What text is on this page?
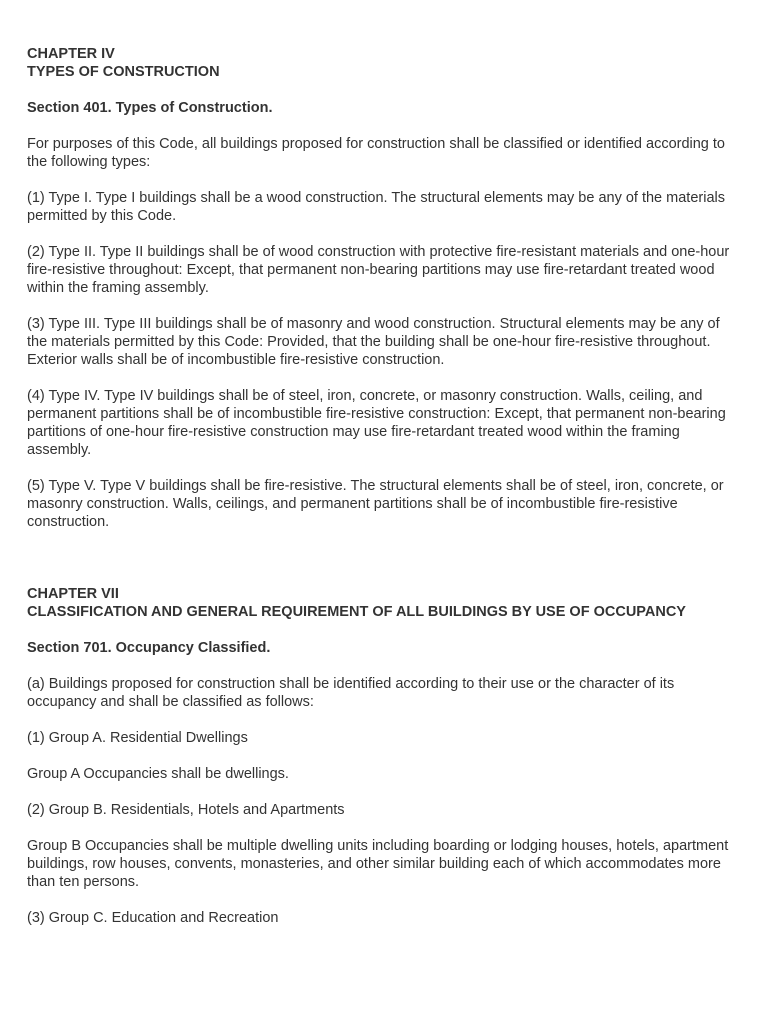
CHAPTER IV

TYPES OF CONSTRUCTION

Section 401. Types of Construction.

For purposes of this Code, all buildings proposed for construction shall be classified or identified according to the following types:

(1) Type I. Type I buildings shall be a wood construction. The structural elements may be any of the materials permitted by this Code.

(2) Type II. Type II buildings shall be of wood construction with protective fire-resistant materials and one-hour fire-resistive throughout: Except, that permanent non-bearing partitions may use fire-retardant treated wood within the framing assembly.

(3) Type III. Type III buildings shall be of masonry and wood construction. Structural elements may be any of the materials permitted by this Code: Provided, that the building shall be one-hour fire-resistive throughout. Exterior walls shall be of incombustible fire-resistive construction.

(4) Type IV. Type IV buildings shall be of steel, iron, concrete, or masonry construction. Walls, ceiling, and permanent partitions shall be of incombustible fire-resistive construction: Except, that permanent non-bearing partitions of one-hour fire-resistive construction may use fire-retardant treated wood within the framing assembly.

(5) Type V. Type V buildings shall be fire-resistive. The structural elements shall be of steel, iron, concrete, or masonry construction. Walls, ceilings, and permanent partitions shall be of incombustible fire-resistive construction.

CHAPTER VII

CLASSIFICATION AND GENERAL REQUIREMENT OF ALL BUILDINGS BY USE OF OCCUPANCY

Section 701. Occupancy Classified.

(a) Buildings proposed for construction shall be identified according to their use or the character of its occupancy and shall be classified as follows:

(1) Group A. Residential Dwellings

Group A Occupancies shall be dwellings.

(2) Group B. Residentials, Hotels and Apartments

Group B Occupancies shall be multiple dwelling units including boarding or lodging houses, hotels, apartment buildings, row houses, convents, monasteries, and other similar building each of which accommodates more than ten persons.

(3) Group C. Education and Recreation
